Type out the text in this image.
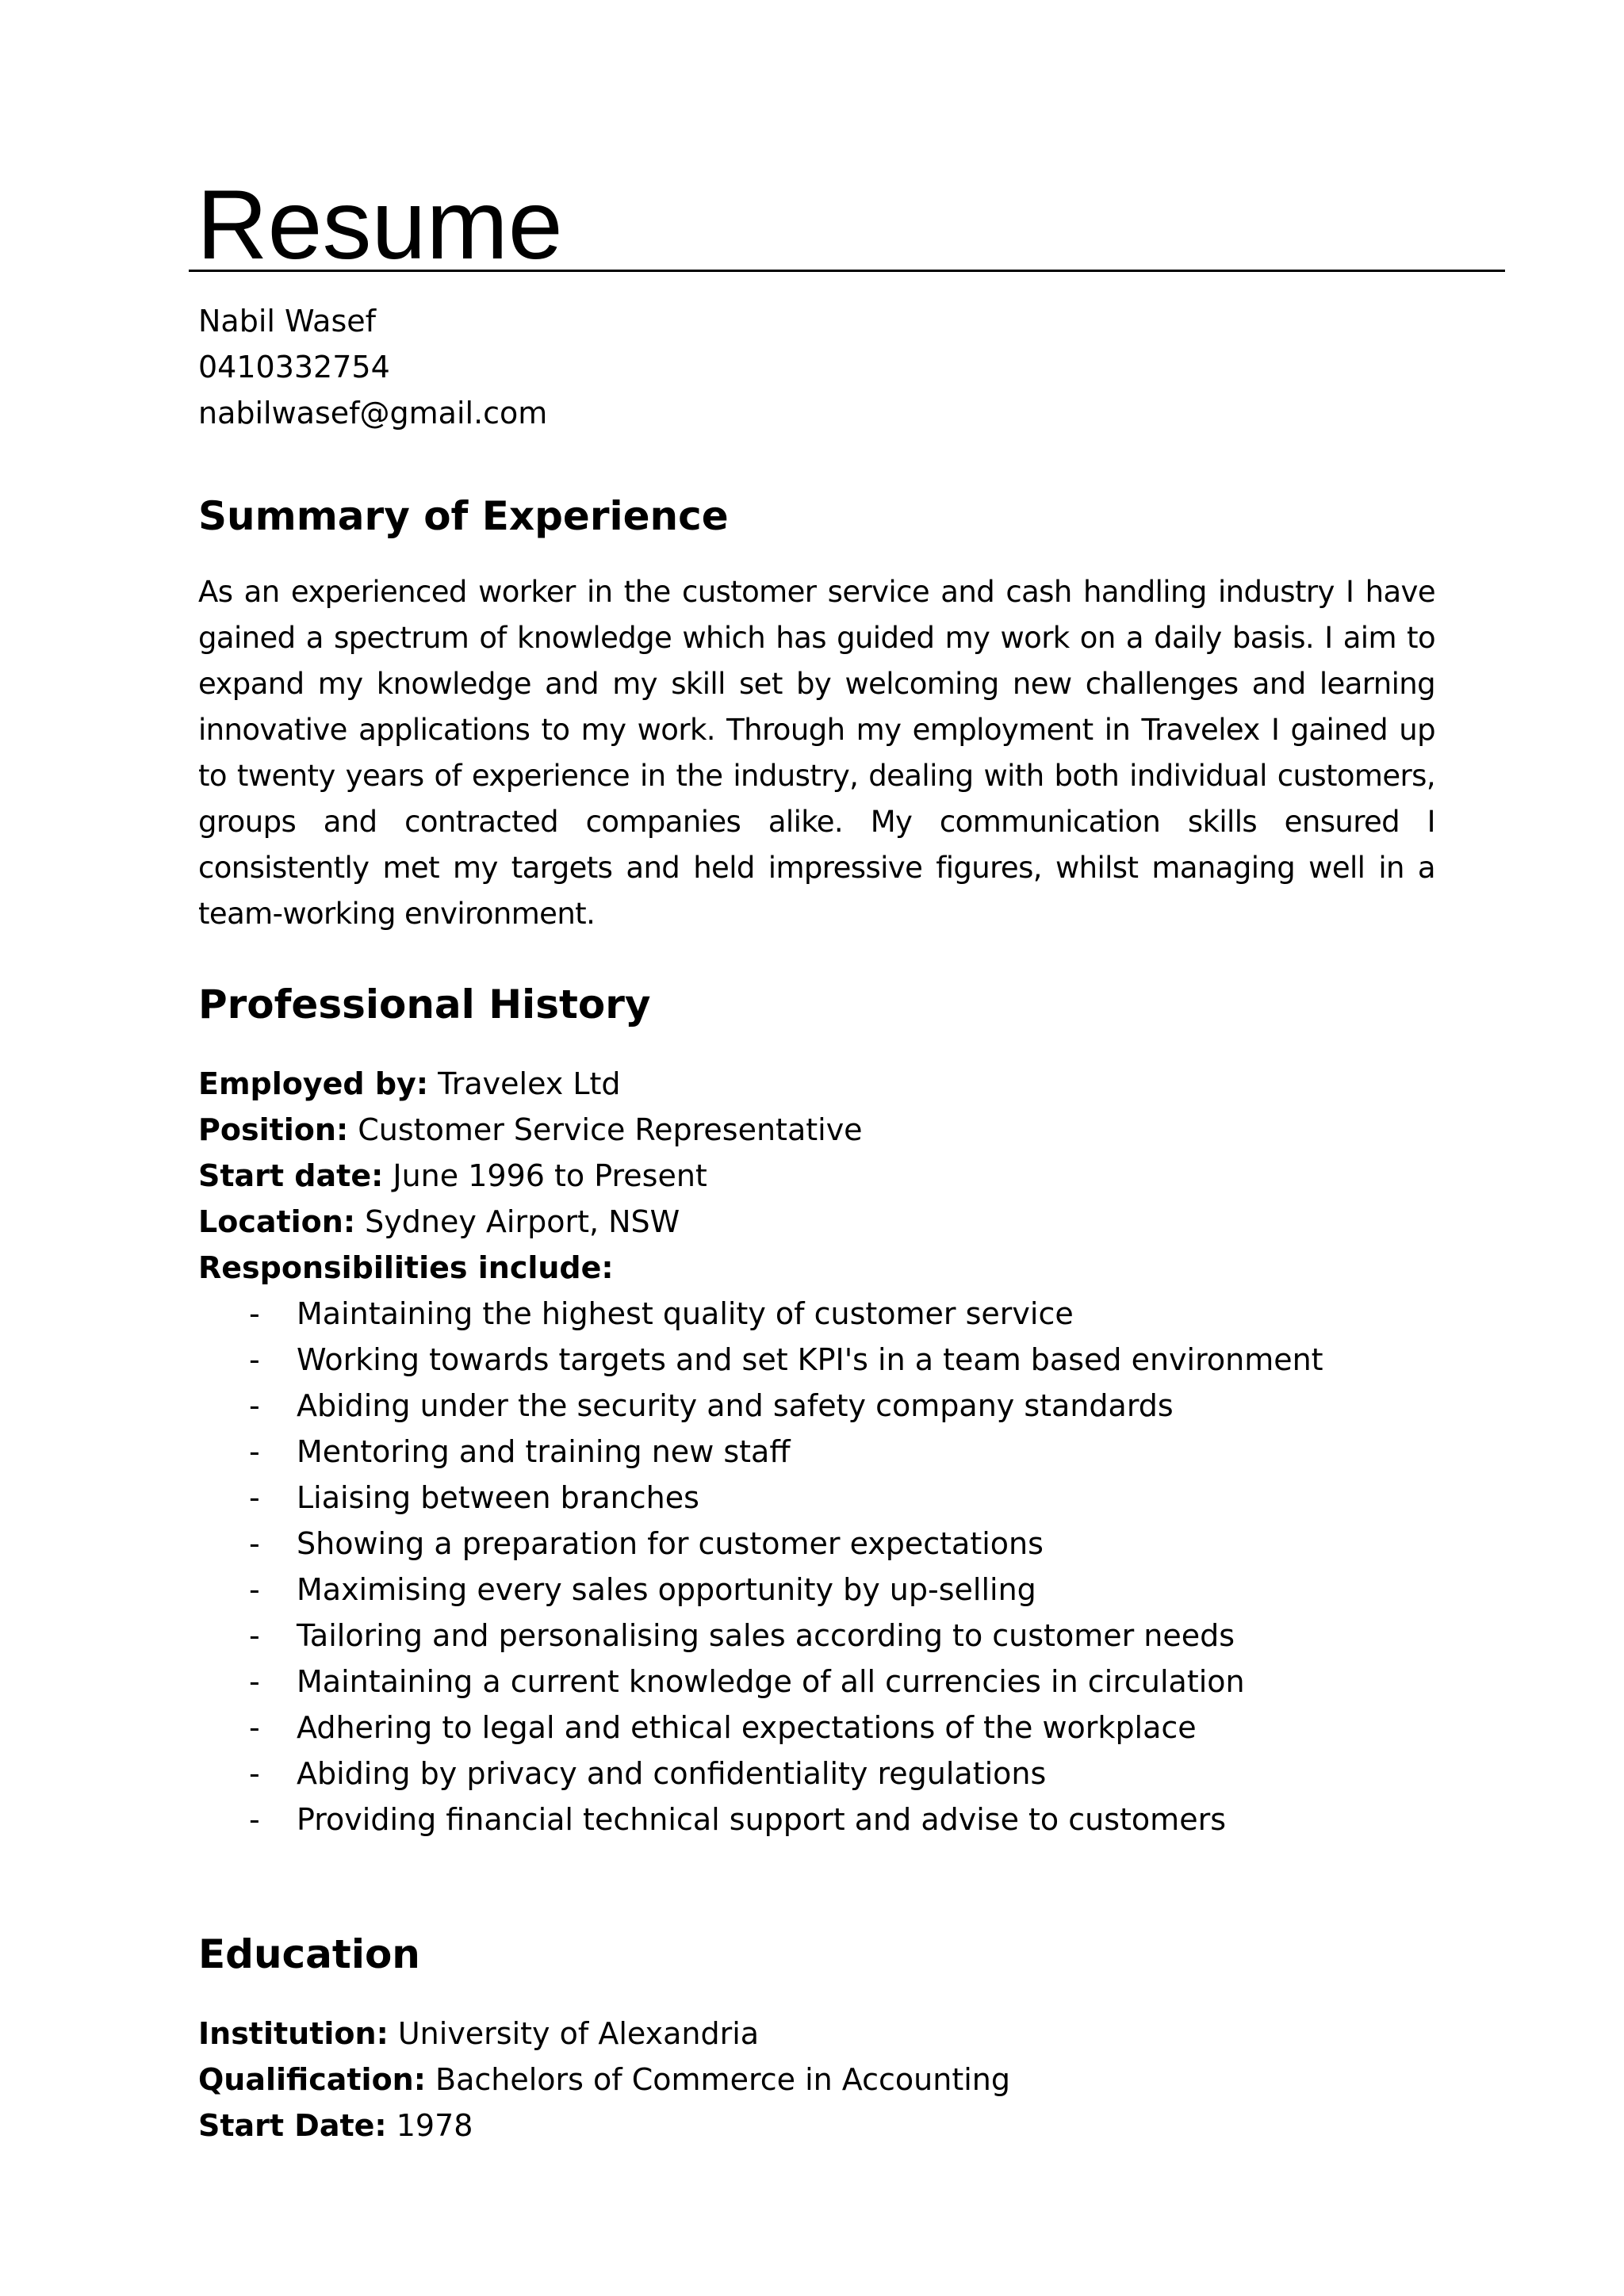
Resume
Nabil Wasef
0410332754
nabilwasef@gmail.com
Summary of Experience

As an experienced worker in the customer service and cash handling industry I have gained a spectrum of knowledge which has guided my work on a daily basis. I aim to expand my knowledge and my skill set by welcoming new challenges and learning innovative applications to my work. Through my employment in Travelex I gained up to twenty years of experience in the industry, dealing with both individual customers, groups and contracted companies alike. My communication skills ensured I consistently met my targets and held impressive figures, whilst managing well in a team-working environment.

Professional History
Employed by: Travelex Ltd
Position: Customer Service Representative
Start date: June 1996 to Present
Location: Sydney Airport, NSW
Responsibilities include:
- Maintaining the highest quality of customer service
- Working towards targets and set KPI's in a team based environment
- Abiding under the security and safety company standards
- Mentoring and training new staff
- Liaising between branches
- Showing a preparation for customer expectations
- Maximising every sales opportunity by up-selling
- Tailoring and personalising sales according to customer needs
- Maintaining a current knowledge of all currencies in circulation
- Adhering to legal and ethical expectations of the workplace
- Abiding by privacy and confidentiality regulations
- Providing financial technical support and advise to customers
Education
Institution: University of Alexandria
Qualification: Bachelors of Commerce in Accounting
Start Date: 1978
